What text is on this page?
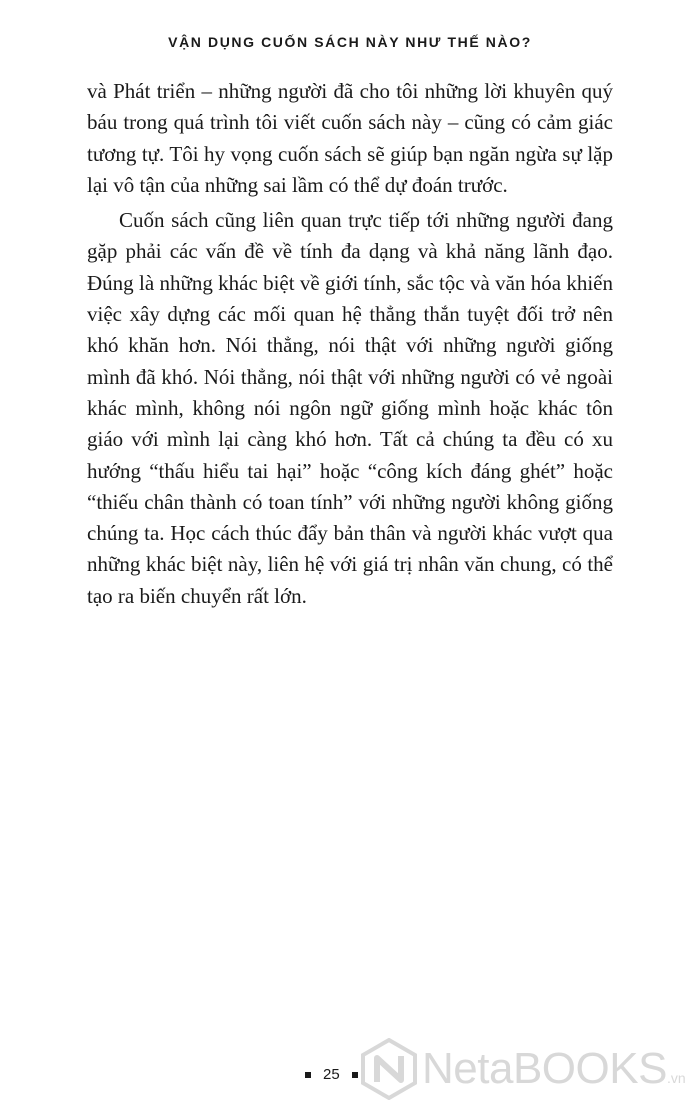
VẬN DỤNG CUỐN SÁCH NÀY NHƯ THẾ NÀO?

và Phát triển – những người đã cho tôi những lời khuyên quý báu trong quá trình tôi viết cuốn sách này – cũng có cảm giác tương tự. Tôi hy vọng cuốn sách sẽ giúp bạn ngăn ngừa sự lặp lại vô tận của những sai lầm có thể dự đoán trước.

Cuốn sách cũng liên quan trực tiếp tới những người đang gặp phải các vấn đề về tính đa dạng và khả năng lãnh đạo. Đúng là những khác biệt về giới tính, sắc tộc và văn hóa khiến việc xây dựng các mối quan hệ thẳng thắn tuyệt đối trở nên khó khăn hơn. Nói thẳng, nói thật với những người giống mình đã khó. Nói thẳng, nói thật với những người có vẻ ngoài khác mình, không nói ngôn ngữ giống mình hoặc khác tôn giáo với mình lại càng khó hơn. Tất cả chúng ta đều có xu hướng “thấu hiểu tai hại” hoặc “công kích đáng ghét” hoặc “thiếu chân thành có toan tính” với những người không giống chúng ta. Học cách thúc đẩy bản thân và người khác vượt qua những khác biệt này, liên hệ với giá trị nhân văn chung, có thể tạo ra biến chuyển rất lớn.

25 NetaBOOKS.vn
